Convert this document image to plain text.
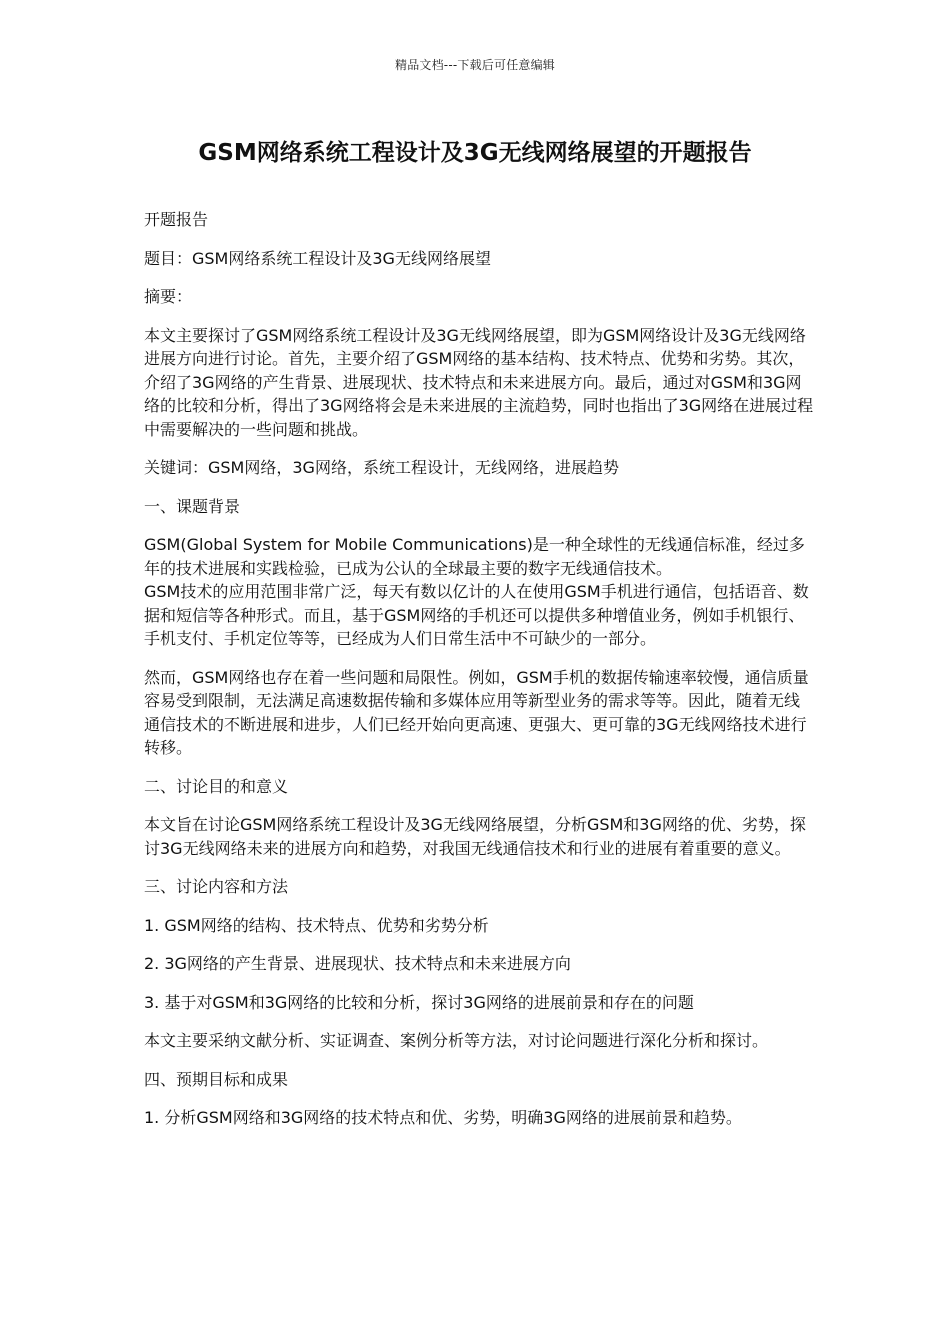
精品文档---下载后可任意编辑
GSM网络系统工程设计及3G无线网络展望的开题报告

开题报告

题目：GSM网络系统工程设计及3G无线网络展望

摘要：

本文主要探讨了GSM网络系统工程设计及3G无线网络展望，即为GSM网络设计及3G无线网络进展方向进行讨论。首先，主要介绍了GSM网络的基本结构、技术特点、优势和劣势。其次，介绍了3G网络的产生背景、进展现状、技术特点和未来进展方向。最后，通过对GSM和3G网络的比较和分析，得出了3G网络将会是未来进展的主流趋势，同时也指出了3G网络在进展过程中需要解决的一些问题和挑战。

关键词：GSM网络，3G网络，系统工程设计，无线网络，进展趋势

一、课题背景

GSM(Global System for Mobile Communications)是一种全球性的无线通信标准，经过多年的技术进展和实践检验，已成为公认的全球最主要的数字无线通信技术。

GSM技术的应用范围非常广泛，每天有数以亿计的人在使用GSM手机进行通信，包括语音、数据和短信等各种形式。而且，基于GSM网络的手机还可以提供多种增值业务，例如手机银行、手机支付、手机定位等等，已经成为人们日常生活中不可缺少的一部分。

然而，GSM网络也存在着一些问题和局限性。例如，GSM手机的数据传输速率较慢，通信质量容易受到限制，无法满足高速数据传输和多媒体应用等新型业务的需求等等。因此，随着无线通信技术的不断进展和进步，人们已经开始向更高速、更强大、更可靠的3G无线网络技术进行转移。

二、讨论目的和意义

本文旨在讨论GSM网络系统工程设计及3G无线网络展望，分析GSM和3G网络的优、劣势，探讨3G无线网络未来的进展方向和趋势，对我国无线通信技术和行业的进展有着重要的意义。

三、讨论内容和方法

1. GSM网络的结构、技术特点、优势和劣势分析

2. 3G网络的产生背景、进展现状、技术特点和未来进展方向

3. 基于对GSM和3G网络的比较和分析，探讨3G网络的进展前景和存在的问题

本文主要采纳文献分析、实证调查、案例分析等方法，对讨论问题进行深化分析和探讨。

四、预期目标和成果

1. 分析GSM网络和3G网络的技术特点和优、劣势，明确3G网络的进展前景和趋势。
